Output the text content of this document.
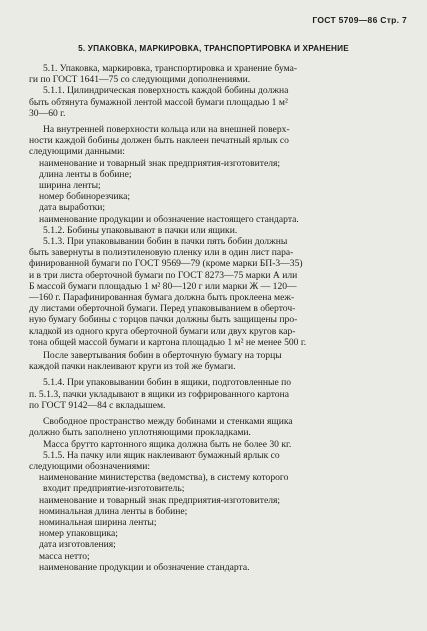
ГОСТ 5709—86 Стр. 7
5. УПАКОВКА, МАРКИРОВКА, ТРАНСПОРТИРОВКА И ХРАНЕНИЕ
5.1. Упаковка, маркировка, транспортировка и хранение бума-
ги по ГОСТ 1641—75 со следующими дополнениями.
5.1.1. Цилиндрическая поверхность каждой бобины должна
быть обтянута бумажной лентой массой бумаги площадью 1 м²
30—60 г.
На внутренней поверхности кольца или на внешней поверх-
ности каждой бобины должен быть наклеен печатный ярлык со
следующими данными:
наименование и товарный знак предприятия-изготовителя;
длина ленты в бобине;
ширина ленты;
номер бобинорезчика;
дата выработки;
наименование продукции и обозначение настоящего стандарта.
5.1.2. Бобины упаковывают в пачки или ящики.
5.1.3. При упаковывании бобин в пачки пять бобин должны
быть завернуты в полиэтиленовую пленку или в один лист пара-
финированной бумаги по ГОСТ 9569—79 (кроме марки БП-3—35)
и в три листа оберточной бумаги по ГОСТ 8273—75 марки А или
Б массой бумаги площадью 1 м² 80—120 г или марки Ж — 120—
—160 г. Парафинированная бумага должна быть проклеена меж-
ду листами оберточной бумаги. Перед упаковыванием в оберточ-
ную бумагу бобины с торцов пачки должны быть защищены про-
кладкой из одного круга оберточной бумаги или двух кругов кар-
тона общей массой бумаги и картона площадью 1 м² не менее 500 г.
После завертывания бобин в оберточную бумагу на торцы
каждой пачки наклеивают круги из той же бумаги.
5.1.4. При упаковывании бобин в ящики, подготовленные по
п. 5.1.3, пачки укладывают в ящики из гофрированного картона
по ГОСТ 9142—84 с вкладышем.
Свободное пространство между бобинами и стенками ящика
должно быть заполнено уплотняющими прокладками.
Масса брутто картонного ящика должна быть не более 30 кг.
5.1.5. На пачку или ящик наклеивают бумажный ярлык со
следующими обозначениями:
наименование министерства (ведомства), в систему которого
входит предприятие-изготовитель;
наименование и товарный знак предприятия-изготовителя;
номинальная длина ленты в бобине;
номинальная ширина ленты;
номер упаковщика;
дата изготовления;
масса нетто;
наименование продукции и обозначение стандарта.
